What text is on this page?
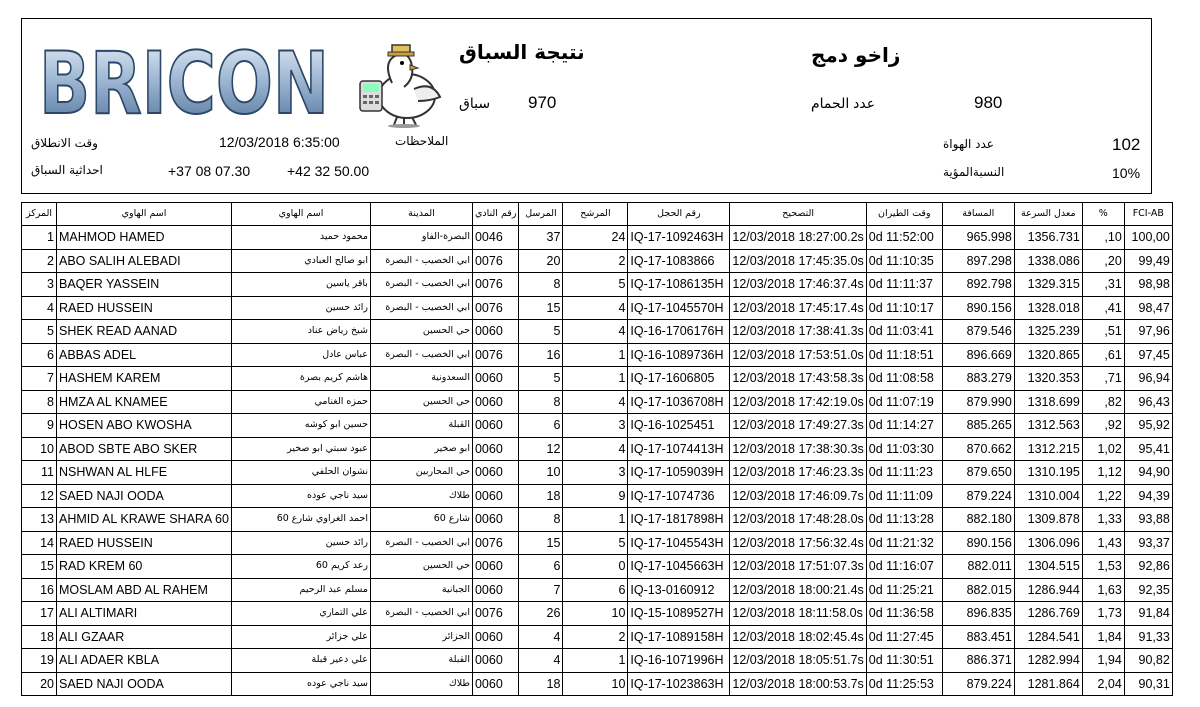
BRICON	نتيجة السباق	زاخو دمج
سباق 970	عدد الحمام	980
وقت الانطلاق	12/03/2018 6:35:00	الملاحظات	عدد الهواة	102
احداثية السباق	+37 08 07.30	+42 32 50.00	النسبةالمؤية	10%
المركز	اسم الهاوي	اسم الهاوي	المدينة	رقم النادي	المرسل	المرشح	رقم الحجل	التصحيح	وقت الطيران	المسافة	معدل السرعة	%	FCI-AB
1	MAHMOD HAMED	محمود حميد	البصرة-الفاو	0046	37	24	IQ-17-1092463H	12/03/2018 18:27:00.2s	0d 11:52:00	965.998	1356.731	,10	100,00
2	ABO SALIH ALEBADI	ابو صالح العبادي	ابي الخصيب - البصرة	0076	20	2	IQ-17-1083866	12/03/2018 17:45:35.0s	0d 11:10:35	897.298	1338.086	,20	99,49
3	BAQER YASSEIN	باقر ياسين	ابي الخصيب - البصرة	0076	8	5	IQ-17-1086135H	12/03/2018 17:46:37.4s	0d 11:11:37	892.798	1329.315	,31	98,98
4	RAED HUSSEIN	رائد حسين	ابي الخصيب - البصرة	0076	15	4	IQ-17-1045570H	12/03/2018 17:45:17.4s	0d 11:10:17	890.156	1328.018	,41	98,47
5	SHEK READ AANAD	شيخ رياض عناد	حي الحسين	0060	5	4	IQ-16-1706176H	12/03/2018 17:38:41.3s	0d 11:03:41	879.546	1325.239	,51	97,96
6	ABBAS ADEL	عباس عادل	ابي الخصيب - البصرة	0076	16	1	IQ-16-1089736H	12/03/2018 17:53:51.0s	0d 11:18:51	896.669	1320.865	,61	97,45
7	HASHEM KAREM	هاشم كريم بصرة	السعدونية	0060	5	1	IQ-17-1606805	12/03/2018 17:43:58.3s	0d 11:08:58	883.279	1320.353	,71	96,94
8	HMZA AL KNAMEE	حمزه الغنامي	حي الحسين	0060	8	4	IQ-17-1036708H	12/03/2018 17:42:19.0s	0d 11:07:19	879.990	1318.699	,82	96,43
9	HOSEN ABO KWOSHA	حسين ابو كوشه	القبلة	0060	6	3	IQ-16-1025451	12/03/2018 17:49:27.3s	0d 11:14:27	885.265	1312.563	,92	95,92
10	ABOD SBTE ABO SKER	عبود سبتي ابو صخير	ابو صخير	0060	12	4	IQ-17-1074413H	12/03/2018 17:38:30.3s	0d 11:03:30	870.662	1312.215	1,02	95,41
11	NSHWAN AL HLFE	نشوان الحلفي	حي المحاربين	0060	10	3	IQ-17-1059039H	12/03/2018 17:46:23.3s	0d 11:11:23	879.650	1310.195	1,12	94,90
12	SAED NAJI OODA	سيد ناجي عوده	طلاك	0060	18	9	IQ-17-1074736	12/03/2018 17:46:09.7s	0d 11:11:09	879.224	1310.004	1,22	94,39
13	AHMID AL KRAWE SHARA 60	احمد الغراوي شارع 60	شارع 60	0060	8	1	IQ-17-1817898H	12/03/2018 17:48:28.0s	0d 11:13:28	882.180	1309.878	1,33	93,88
14	RAED HUSSEIN	رائد حسين	ابي الخصيب - البصرة	0076	15	5	IQ-17-1045543H	12/03/2018 17:56:32.4s	0d 11:21:32	890.156	1306.096	1,43	93,37
15	RAD KREM 60	رعد كريم 60	حي الحسين	0060	6	0	IQ-17-1045663H	12/03/2018 17:51:07.3s	0d 11:16:07	882.011	1304.515	1,53	92,86
16	MOSLAM ABD AL RAHEM	مسلم عبد الرحيم	الجبانية	0060	7	6	IQ-13-0160912	12/03/2018 18:00:21.4s	0d 11:25:21	882.015	1286.944	1,63	92,35
17	ALI ALTIMARI	علي التماري	ابي الخصيب - البصرة	0076	26	10	IQ-15-1089527H	12/03/2018 18:11:58.0s	0d 11:36:58	896.835	1286.769	1,73	91,84
18	ALI GZAAR	علي جزائر	الجزائر	0060	4	2	IQ-17-1089158H	12/03/2018 18:02:45.4s	0d 11:27:45	883.451	1284.541	1,84	91,33
19	ALI ADAER KBLA	علي دعير قبلة	القبلة	0060	4	1	IQ-16-1071996H	12/03/2018 18:05:51.7s	0d 11:30:51	886.371	1282.994	1,94	90,82
20	SAED NAJI OODA	سيد ناجي عوده	طلاك	0060	18	10	IQ-17-1023863H	12/03/2018 18:00:53.7s	0d 11:25:53	879.224	1281.864	2,04	90,31
